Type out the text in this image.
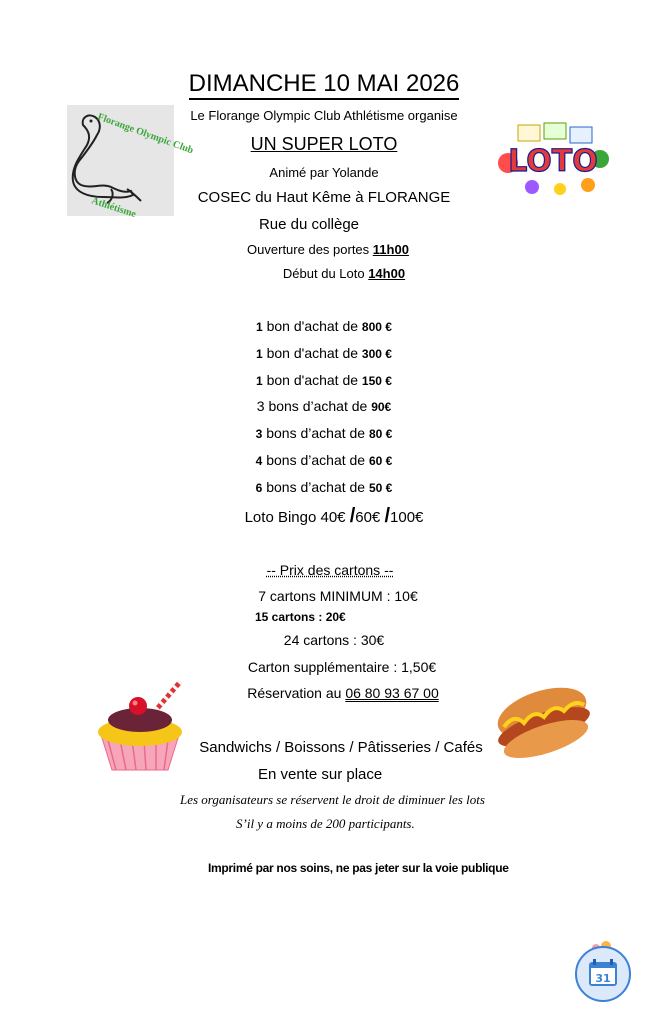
DIMANCHE 10 MAI 2026
Le Florange Olympic Club Athlétisme organise
UN SUPER LOTO
Animé par Yolande
COSEC du Haut Kême à FLORANGE
Rue du collège
Ouverture des portes 11h00
Début du Loto 14h00
Florange Olympic Club
Athlétisme
LOTO
1 bon d'achat de 800 €
1 bon d'achat de 300 €
1 bon d'achat de 150 €
3 bons d’achat de 90€
3 bons d’achat de 80 €
4 bons d’achat de 60 €
6 bons d’achat de 50 €
Loto Bingo 40€ /60€ /100€
-- Prix des cartons --
7 cartons MINIMUM : 10€
15 cartons : 20€
24 cartons : 30€
Carton supplémentaire : 1,50€
Réservation au 06 80 93 67 00
Sandwichs / Boissons / Pâtisseries / Cafés
En vente sur place
Les organisateurs se réservent le droit de diminuer les lots
S’il y a moins de 200 participants.
Imprimé par nos soins, ne pas jeter sur la voie publique
31
